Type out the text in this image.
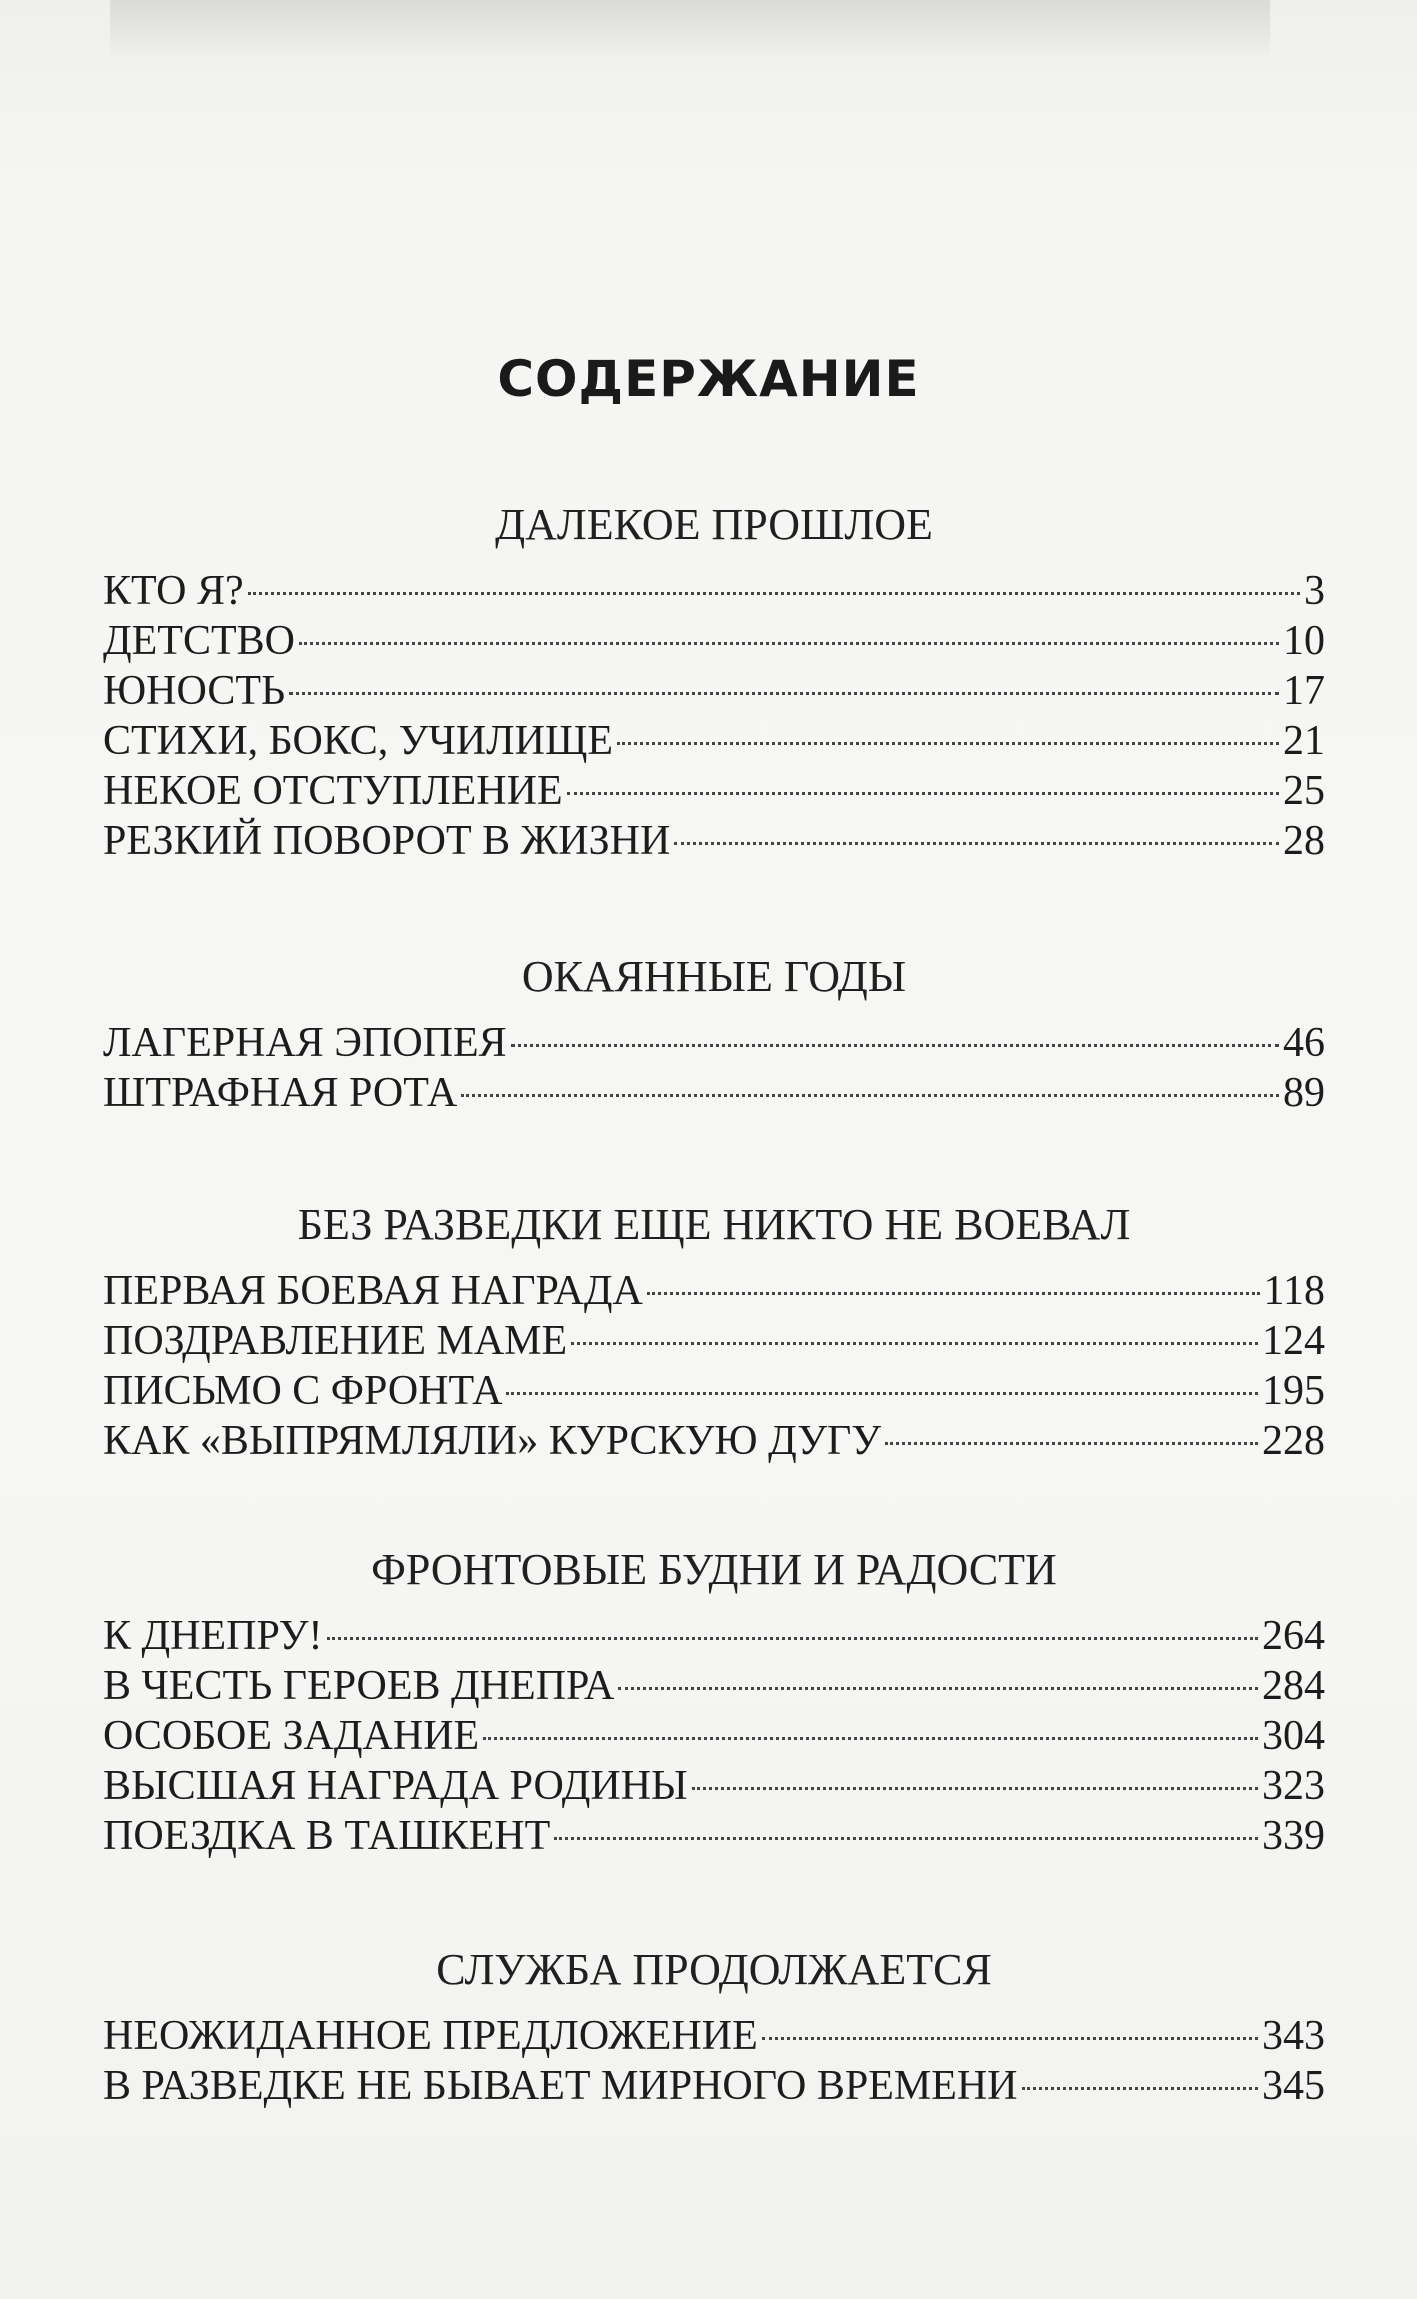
СОДЕРЖАНИЕ
ДАЛЕКОЕ ПРОШЛОЕ
КТО Я?	3
ДЕТСТВО	10
ЮНОСТЬ	17
СТИХИ, БОКС, УЧИЛИЩЕ	21
НЕКОЕ ОТСТУПЛЕНИЕ	25
РЕЗКИЙ ПОВОРОТ В ЖИЗНИ	28
ОКАЯННЫЕ ГОДЫ
ЛАГЕРНАЯ ЭПОПЕЯ	46
ШТРАФНАЯ РОТА	89
БЕЗ РАЗВЕДКИ ЕЩЕ НИКТО НЕ ВОЕВАЛ
ПЕРВАЯ БОЕВАЯ НАГРАДА	118
ПОЗДРАВЛЕНИЕ МАМЕ	124
ПИСЬМО С ФРОНТА	195
КАК «ВЫПРЯМЛЯЛИ» КУРСКУЮ ДУГУ	228
ФРОНТОВЫЕ БУДНИ И РАДОСТИ
К ДНЕПРУ!	264
В ЧЕСТЬ ГЕРОЕВ ДНЕПРА	284
ОСОБОЕ ЗАДАНИЕ	304
ВЫСШАЯ НАГРАДА РОДИНЫ	323
ПОЕЗДКА В ТАШКЕНТ	339
СЛУЖБА ПРОДОЛЖАЕТСЯ
НЕОЖИДАННОЕ ПРЕДЛОЖЕНИЕ	343
В РАЗВЕДКЕ НЕ БЫВАЕТ МИРНОГО ВРЕМЕНИ	345
